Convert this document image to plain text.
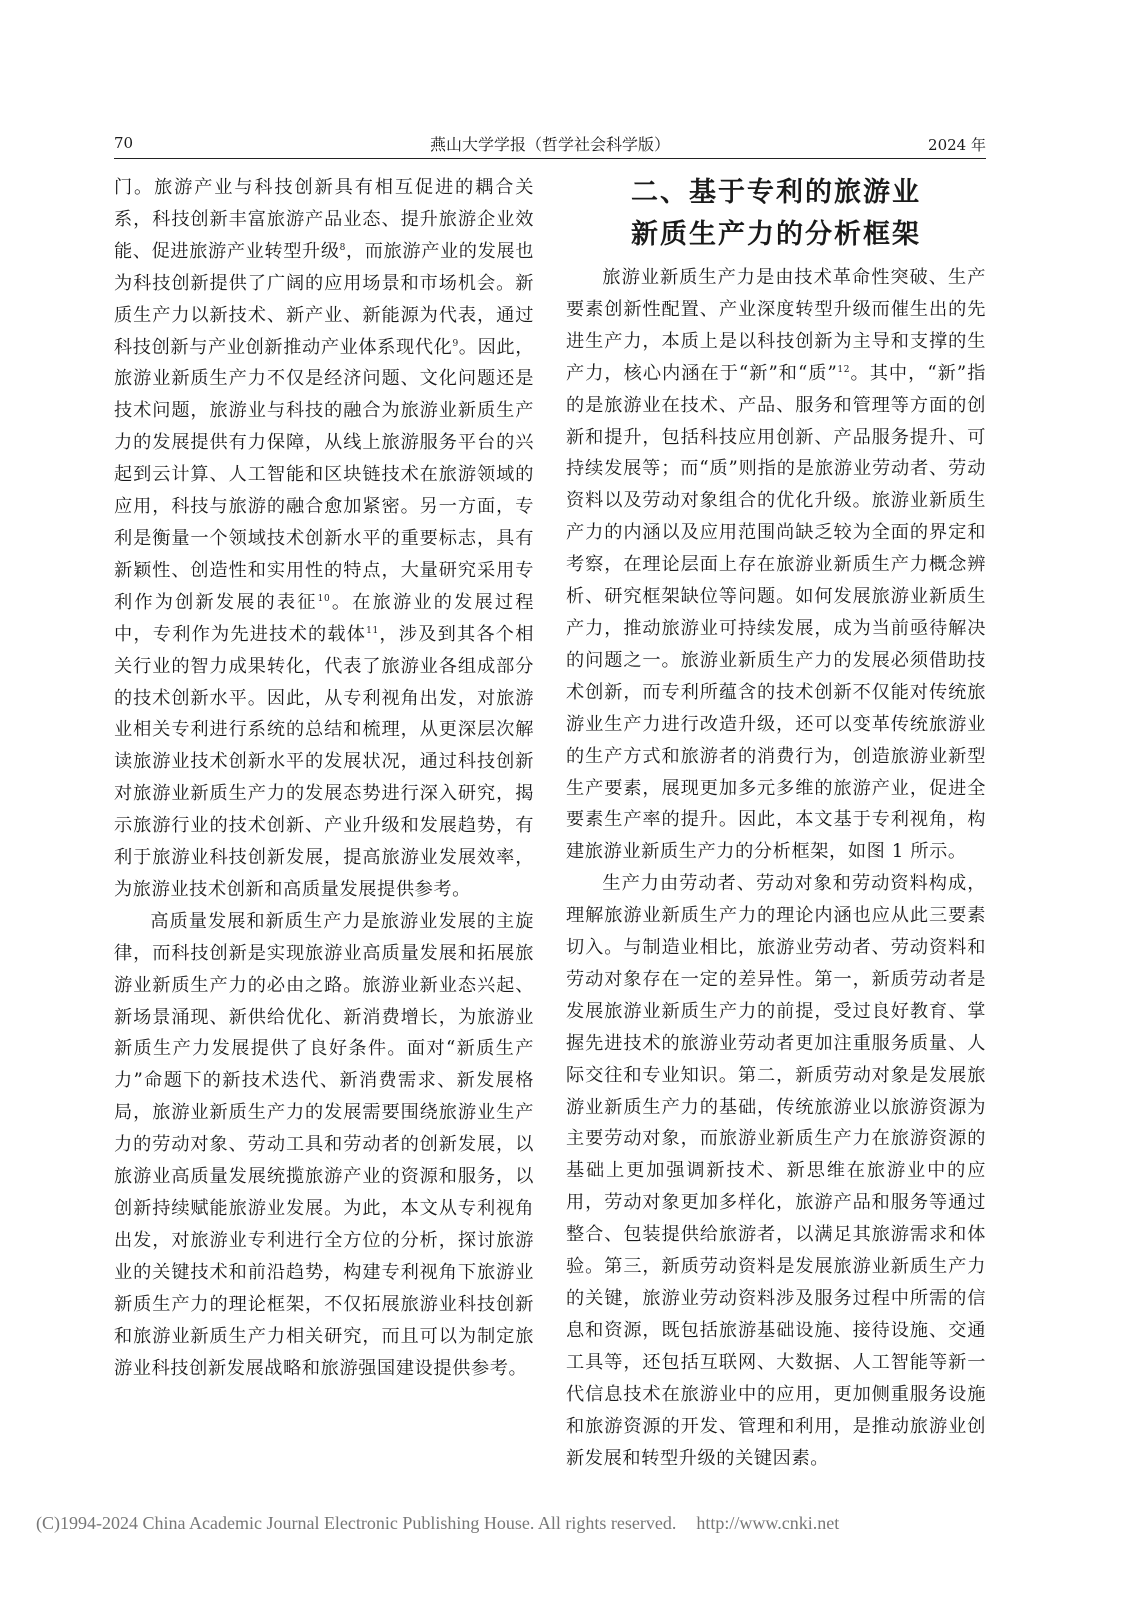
70	燕山大学学报（哲学社会科学版）	2024 年

门。旅游产业与科技创新具有相互促进的耦合关系，科技创新丰富旅游产品业态、提升旅游企业效能、促进旅游产业转型升级$^8$，而旅游产业的发展也为科技创新提供了广阔的应用场景和市场机会。新质生产力以新技术、新产业、新能源为代表，通过科技创新与产业创新推动产业体系现代化$^9$。因此，旅游业新质生产力不仅是经济问题、文化问题还是技术问题，旅游业与科技的融合为旅游业新质生产力的发展提供有力保障，从线上旅游服务平台的兴起到云计算、人工智能和区块链技术在旅游领域的应用，科技与旅游的融合愈加紧密。另一方面，专利是衡量一个领域技术创新水平的重要标志，具有新颖性、创造性和实用性的特点，大量研究采用专利作为创新发展的表征$^{10}$。在旅游业的发展过程中，专利作为先进技术的载体$^{11}$，涉及到其各个相关行业的智力成果转化，代表了旅游业各组成部分的技术创新水平。因此，从专利视角出发，对旅游业相关专利进行系统的总结和梳理，从更深层次解读旅游业技术创新水平的发展状况，通过科技创新对旅游业新质生产力的发展态势进行深入研究，揭示旅游行业的技术创新、产业升级和发展趋势，有利于旅游业科技创新发展，提高旅游业发展效率，为旅游业技术创新和高质量发展提供参考。

高质量发展和新质生产力是旅游业发展的主旋律，而科技创新是实现旅游业高质量发展和拓展旅游业新质生产力的必由之路。旅游业新业态兴起、新场景涌现、新供给优化、新消费增长，为旅游业新质生产力发展提供了良好条件。面对“新质生产力”命题下的新技术迭代、新消费需求、新发展格局，旅游业新质生产力的发展需要围绕旅游业生产力的劳动对象、劳动工具和劳动者的创新发展，以旅游业高质量发展统揽旅游产业的资源和服务，以创新持续赋能旅游业发展。为此，本文从专利视角出发，对旅游业专利进行全方位的分析，探讨旅游业的关键技术和前沿趋势，构建专利视角下旅游业新质生产力的理论框架，不仅拓展旅游业科技创新和旅游业新质生产力相关研究，而且可以为制定旅游业科技创新发展战略和旅游强国建设提供参考。

二、基于专利的旅游业
新质生产力的分析框架

旅游业新质生产力是由技术革命性突破、生产要素创新性配置、产业深度转型升级而催生出的先进生产力，本质上是以科技创新为主导和支撑的生产力，核心内涵在于“新”和“质”$^{12}$。其中，“新”指的是旅游业在技术、产品、服务和管理等方面的创新和提升，包括科技应用创新、产品服务提升、可持续发展等；而“质”则指的是旅游业劳动者、劳动资料以及劳动对象组合的优化升级。旅游业新质生产力的内涵以及应用范围尚缺乏较为全面的界定和考察，在理论层面上存在旅游业新质生产力概念辨析、研究框架缺位等问题。如何发展旅游业新质生产力，推动旅游业可持续发展，成为当前亟待解决的问题之一。旅游业新质生产力的发展必须借助技术创新，而专利所蕴含的技术创新不仅能对传统旅游业生产力进行改造升级，还可以变革传统旅游业的生产方式和旅游者的消费行为，创造旅游业新型生产要素，展现更加多元多维的旅游产业，促进全要素生产率的提升。因此，本文基于专利视角，构建旅游业新质生产力的分析框架，如图 1 所示。

生产力由劳动者、劳动对象和劳动资料构成，理解旅游业新质生产力的理论内涵也应从此三要素切入。与制造业相比，旅游业劳动者、劳动资料和劳动对象存在一定的差异性。第一，新质劳动者是发展旅游业新质生产力的前提，受过良好教育、掌握先进技术的旅游业劳动者更加注重服务质量、人际交往和专业知识。第二，新质劳动对象是发展旅游业新质生产力的基础，传统旅游业以旅游资源为主要劳动对象，而旅游业新质生产力在旅游资源的基础上更加强调新技术、新思维在旅游业中的应用，劳动对象更加多样化，旅游产品和服务等通过整合、包装提供给旅游者，以满足其旅游需求和体验。第三，新质劳动资料是发展旅游业新质生产力的关键，旅游业劳动资料涉及服务过程中所需的信息和资源，既包括旅游基础设施、接待设施、交通工具等，还包括互联网、大数据、人工智能等新一代信息技术在旅游业中的应用，更加侧重服务设施和旅游资源的开发、管理和利用，是推动旅游业创新发展和转型升级的关键因素。

(C)1994-2024 China Academic Journal Electronic Publishing House. All rights reserved. http://www.cnki.net
